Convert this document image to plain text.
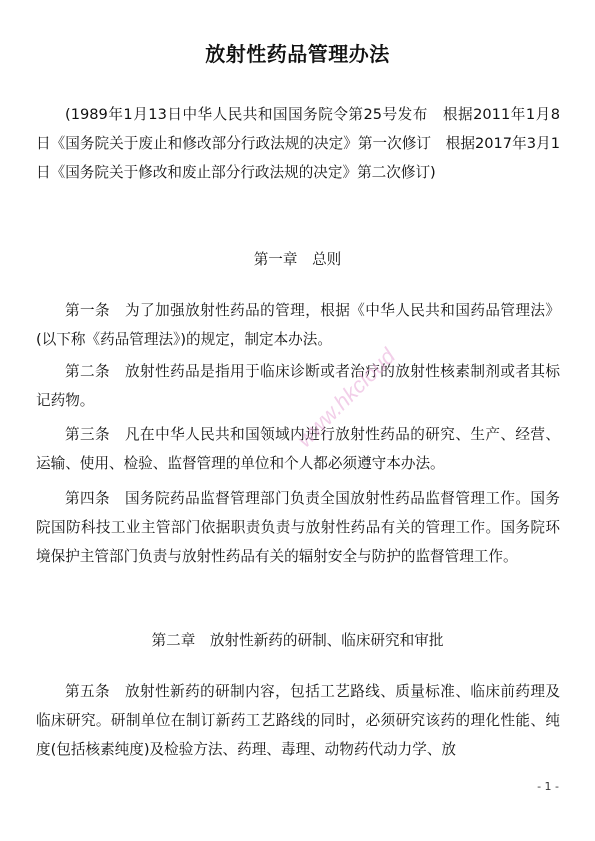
放射性药品管理办法

(1989年1月13日中华人民共和国国务院令第25号发布　根据2011年1月8日《国务院关于废止和修改部分行政法规的决定》第一次修订　根据2017年3月1日《国务院关于修改和废止部分行政法规的决定》第二次修订)

第一章　总则

第一条　为了加强放射性药品的管理，根据《中华人民共和国药品管理法》(以下称《药品管理法》)的规定，制定本办法。

第二条　放射性药品是指用于临床诊断或者治疗的放射性核素制剂或者其标记药物。

第三条　凡在中华人民共和国领域内进行放射性药品的研究、生产、经营、运输、使用、检验、监督管理的单位和个人都必须遵守本办法。

第四条　国务院药品监督管理部门负责全国放射性药品监督管理工作。国务院国防科技工业主管部门依据职责负责与放射性药品有关的管理工作。国务院环境保护主管部门负责与放射性药品有关的辐射安全与防护的监督管理工作。

第二章　放射性新药的研制、临床研究和审批

第五条　放射性新药的研制内容，包括工艺路线、质量标准、临床前药理及临床研究。研制单位在制订新药工艺路线的同时，必须研究该药的理化性能、纯度(包括核素纯度)及检验方法、药理、毒理、动物药代动力学、放

www.hkcloud
- 1 -
